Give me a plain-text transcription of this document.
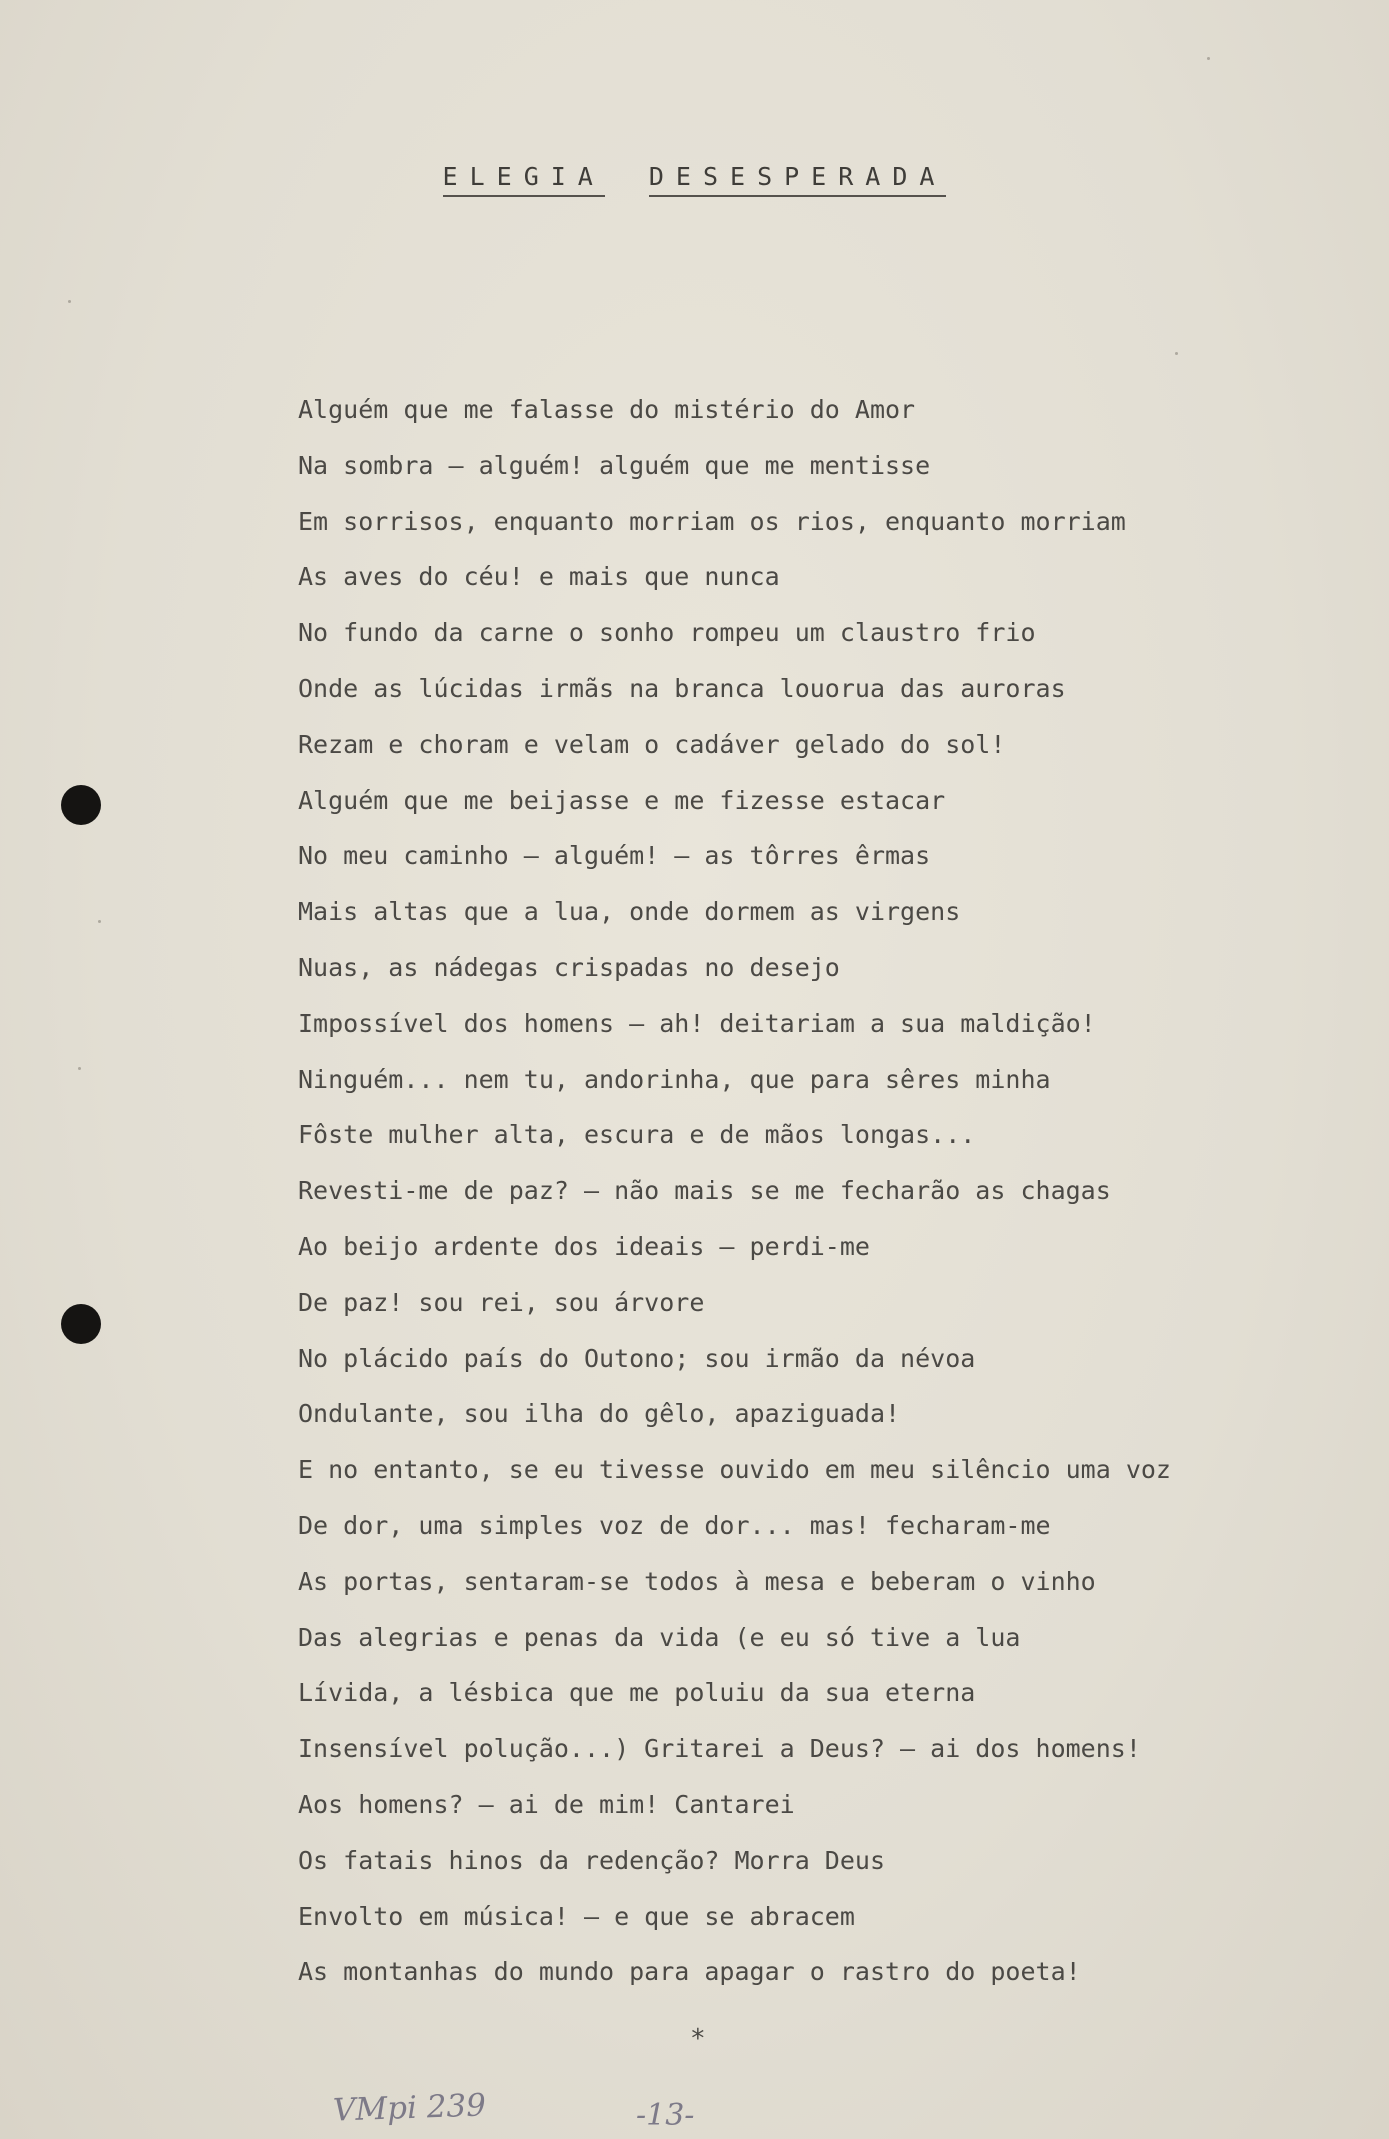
ELEGIA DESESPERADA
Alguém que me falasse do mistério do Amor
Na sombra — alguém! alguém que me mentisse
Em sorrisos, enquanto morriam os rios, enquanto morriam
As aves do céu! e mais que nunca
No fundo da carne o sonho rompeu um claustro frio
Onde as lúcidas irmãs na branca louorua das auroras
Rezam e choram e velam o cadáver gelado do sol!
Alguém que me beijasse e me fizesse estacar
No meu caminho — alguém! — as tôrres êrmas
Mais altas que a lua, onde dormem as virgens
Nuas, as nádegas crispadas no desejo
Impossível dos homens — ah! deitariam a sua maldição!
Ninguém... nem tu, andorinha, que para sêres minha
Fôste mulher alta, escura e de mãos longas...
Revesti-me de paz? — não mais se me fecharão as chagas
Ao beijo ardente dos ideais — perdi-me
De paz! sou rei, sou árvore
No plácido país do Outono; sou irmão da névoa
Ondulante, sou ilha do gêlo, apaziguada!
E no entanto, se eu tivesse ouvido em meu silêncio uma voz
De dor, uma simples voz de dor... mas! fecharam-me
As portas, sentaram-se todos à mesa e beberam o vinho
Das alegrias e penas da vida (e eu só tive a lua
Lívida, a lésbica que me poluiu da sua eterna
Insensível polução...) Gritarei a Deus? — ai dos homens!
Aos homens? — ai de mim! Cantarei
Os fatais hinos da redenção? Morra Deus
Envolto em música! — e que se abracem
As montanhas do mundo para apagar o rastro do poeta!
*
VMpi 239	-13-
